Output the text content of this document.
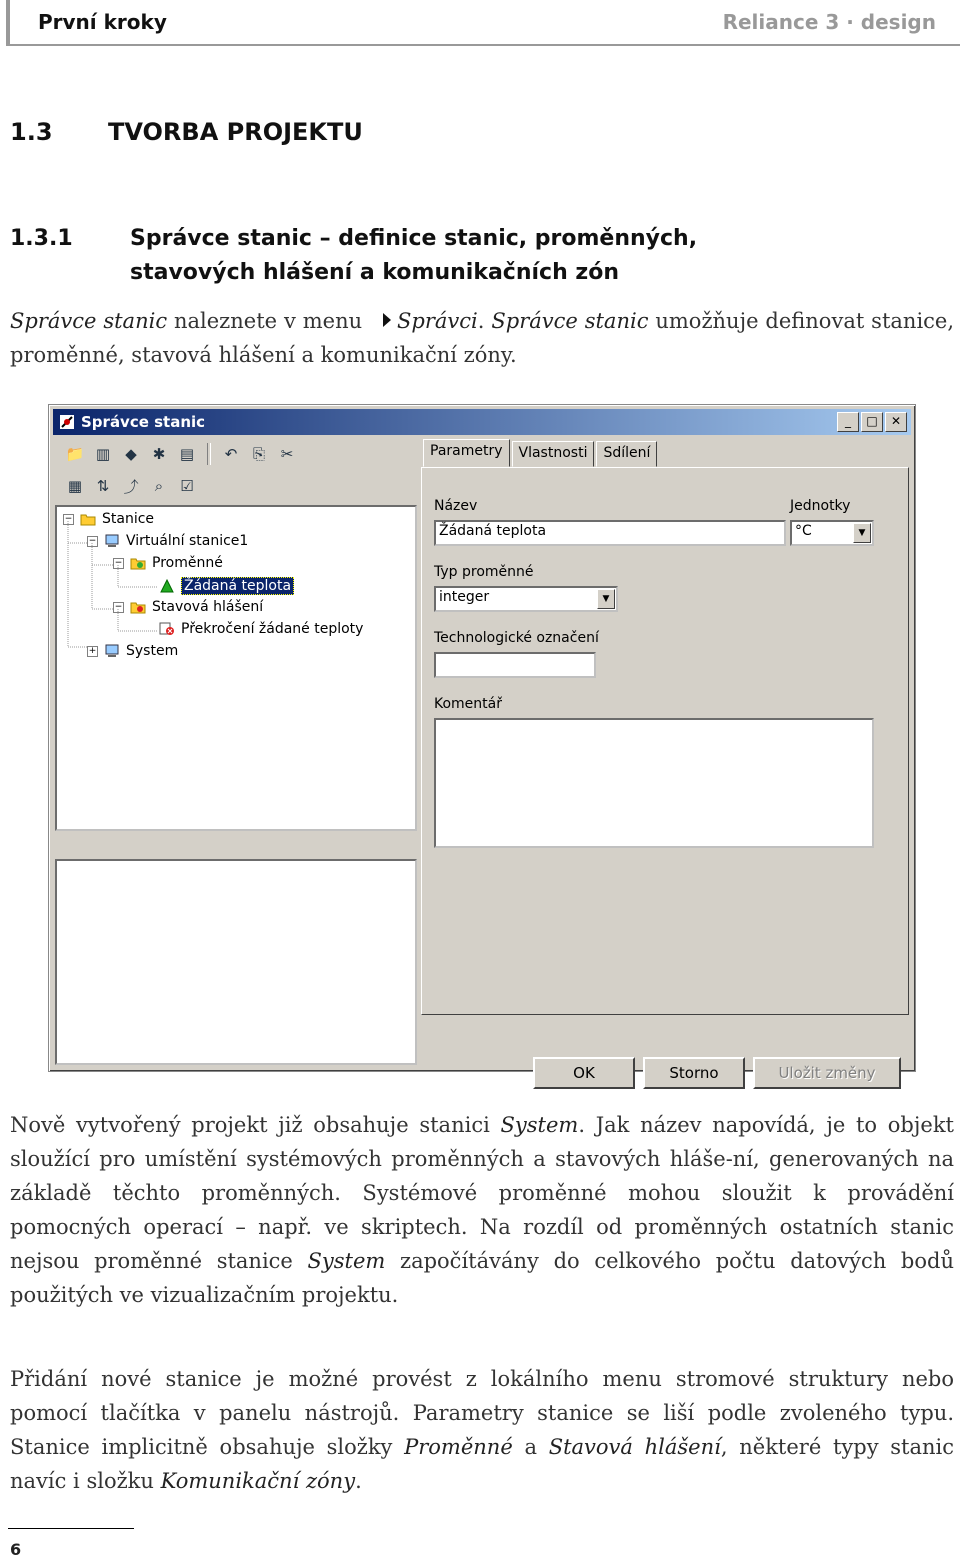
První kroky	Reliance 3 · design
1.3 TVORBA PROJEKTU
1.3.1	Správce stanic – definice stanic, proměnných,
stavových hlášení a komunikačních zón
Správce stanic naleznete v menu Správci. Správce stanic umožňuje definovat stanice, proměnné, stavová hlášení a komunikační zóny.
Správce stanic	_	□	✕
📁 ▥	◆	✱ ▤	↶	⎘	✂
▦ ⇅ ⤴	⌕	☑
− Stanice
− Virtuální stanice1
− Proměnné
Žádaná teplota
− Stavová hlášení
Překročení žádané teploty
+ System
Parametry	Vlastnosti	Sdílení
Název
Žádaná teplota
Jednotky
°C	▼
Typ proměnné
integer	▼
Technologické označení
Komentář
OK	Storno	Uložit změny
Nově vytvořený projekt již obsahuje stanici System. Jak název napovídá, je to objekt sloužící pro umístění systémových proměnných a stavových hláše-ní, generovaných na základě těchto proměnných. Systémové proměnné mohou sloužit k provádění pomocných operací – např. ve skriptech. Na rozdíl od proměnných ostatních stanic nejsou proměnné stanice System započítávány do celkového počtu datových bodů použitých ve vizualizačním projektu.
Přidání nové stanice je možné provést z lokálního menu stromové struktury nebo pomocí tlačítka v panelu nástrojů. Parametry stanice se liší podle zvoleného typu. Stanice implicitně obsahuje složky Proměnné a Stavová hlášení, některé typy stanic navíc i složku Komunikační zóny.
6
